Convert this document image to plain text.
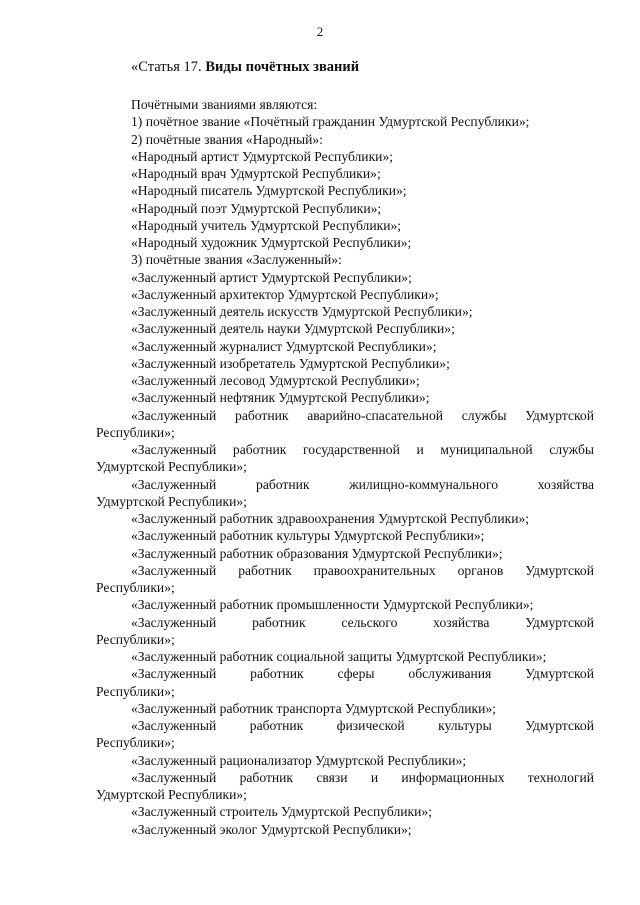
2
«Статья 17. Виды почётных званий
Почётными званиями являются:
1) почётное звание «Почётный гражданин Удмуртской Республики»;
2) почётные звания «Народный»:
«Народный артист Удмуртской Республики»;
«Народный врач Удмуртской Республики»;
«Народный писатель Удмуртской Республики»;
«Народный поэт Удмуртской Республики»;
«Народный учитель Удмуртской Республики»;
«Народный художник Удмуртской Республики»;
3) почётные звания «Заслуженный»:
«Заслуженный артист Удмуртской Республики»;
«Заслуженный архитектор Удмуртской Республики»;
«Заслуженный деятель искусств Удмуртской Республики»;
«Заслуженный деятель науки Удмуртской Республики»;
«Заслуженный журналист Удмуртской Республики»;
«Заслуженный изобретатель Удмуртской Республики»;
«Заслуженный лесовод Удмуртской Республики»;
«Заслуженный нефтяник Удмуртской Республики»;
«Заслуженный работник аварийно-спасательной службы Удмуртской
Республики»;
«Заслуженный работник государственной и муниципальной службы
Удмуртской Республики»;
«Заслуженный работник жилищно-коммунального хозяйства
Удмуртской Республики»;
«Заслуженный работник здравоохранения Удмуртской Республики»;
«Заслуженный работник культуры Удмуртской Республики»;
«Заслуженный работник образования Удмуртской Республики»;
«Заслуженный работник правоохранительных органов Удмуртской
Республики»;
«Заслуженный работник промышленности Удмуртской Республики»;
«Заслуженный работник сельского хозяйства Удмуртской
Республики»;
«Заслуженный работник социальной защиты Удмуртской Республики»;
«Заслуженный работник сферы обслуживания Удмуртской
Республики»;
«Заслуженный работник транспорта Удмуртской Республики»;
«Заслуженный работник физической культуры Удмуртской
Республики»;
«Заслуженный рационализатор Удмуртской Республики»;
«Заслуженный работник связи и информационных технологий
Удмуртской Республики»;
«Заслуженный строитель Удмуртской Республики»;
«Заслуженный эколог Удмуртской Республики»;
